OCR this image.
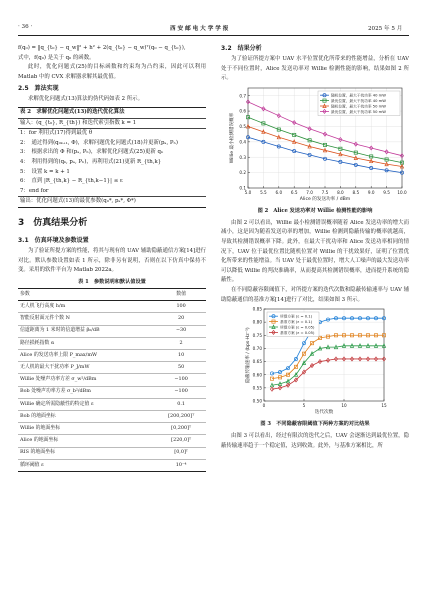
· 36 ·	西 安 邮 电 大 学 学 报	2025 年 5 月
f(q₀) = ‖q_{t₀} − q_w‖² + h² + 2(q_{t₀} − q_w)ᵀ(q₀ − q_{t₀}),
式中，f(q₀) 是关于 q₀ 的函数。

此时，优化问题式(25)的目标函数和约束均为凸约束，因此可以利用 Matlab 中的 CVX 求解器求解其最优值。

2.5　算法实现

求解优化问题式(13)算法的伪代码如表 2 所示。

表 2　求解优化问题式(13)的迭代优化算法
输入：(q_{t₀}, R_{th}) 和迭代索引指数 k = 1
1：for 利用式(17)得到最优 θ
2：　通过得到(q₀ₖ₊₁, Φ)，求解问题优化问题式(18)并更新(pₐ, Pₕ)
3：　根据求出的 Φ 和(pₐ, Pₕ)，求解优化问题式(25)更新 qₖ
4：　利用得到的(qₖ, pₐ, Pₕ)，再利用式(21)更新 R_{th,k}
5：　设置 k = k + 1
6：　直到 |R_{th,k} − R_{th,k−1}| ≤ ε
7：end for
输出：优化问题式(13)的最优参数(q₀*, pₐ*, Φ*)
3　仿真结果分析
3.1　仿真环境及参数设置

为了验证所提方案的性能，将其与现有的 UAV 辅助隐蔽通信方案[14]进行对比。默认参数设置如表 1 所示，除非另有说明，否则在以下仿真中保持不变。采用的软件平台为 Matlab 2022a。

表 1　参数说明和默认值设置
参数	数值
无人机飞行高度 h/m	100
智能反射面元件个数 N	20
信道距离为 1 米时的信道增益 β₀/dB	−30
路径损耗指数 α	2
Alice 的发送功率上限 P_max/mW	10
无人机的最大干扰功率 P_J/mW	50
Willie 处噪声功率方差 σ_w²/dBm	−100
Bob 处噪声功率方差 σ_b²/dBm	−100
Willie 确定所需隐蔽性的特定值 ε	0.1
Bob 的地面坐标	[200,200]ᵀ
Willie 的地面坐标	[0,200]ᵀ
Alice 的地面坐标	[220,0]ᵀ
RIS 的地面坐标	[0,0]ᵀ
循环阈值 ε	10⁻⁴
3.2　结果分析

为了验证所提方案中 UAV 水平位置优化所带来的性能增益，分析在 UAV 处于不同位置时，Alice 发送功率对 Willie 检测性能的影响，结果如图 2 所示。

0.1
0.2
0.3
0.4
0.5
0.6
0.7
5.0 5.5 6.0 6.5 7.0 7.5 8.0 8.5 9.0 9.5 10.0
Alice 的发送功率 / dBm
Willie 最小检测错误概率
随机位置，最大干扰功率 40 mW
最优位置，最大干扰功率 40 mW
随机位置，最大干扰功率 50 mW
最优位置，最大干扰功率 50 mW
图 2　Alice 发送功率对 Willie 检测性能的影响

由图 2 可以看出，Willie 最小检测错误概率随着 Alice 发送功率的增大而减小，这是因为随着发送功率的增加，Willie 检测到隐蔽传输的概率就越高，导致其检测错误概率下降。此外，在最大干扰功率和 Alice 发送功率相同的情况下，UAV 位于最优位置比随机位置对 Willie 的干扰效果好，证明了位置优化所带来的性能增益。当 UAV 处于最优位置时，增大人工噪声的最大发送功率可以降低 Willie 的判决准确率，从而提高其检测错误概率，进而提升系统的隐蔽性。

在不同隐蔽容限阈值下，对所提方案的迭代次数和隐蔽传输速率与 UAV 辅助隐蔽通信的基准方案[14]进行了对比，结果如图 3 所示。

0.50
0.55
0.60
0.65
0.70
0.75
0.80
0.85
0	5	10	15
迭代次数
隐蔽传输速率 / (bps·Hz⁻¹)
所提方案 (ε = 0.1)
基准方案 (ε = 0.1)
所提方案 (ε = 0.05)
基准方案 (ε = 0.05)
图 3　不同隐蔽容限阈值下两种方案的对比结果

由图 3 可以看出，经过有限次的迭代之后，UAV 会逐渐达到最优位置，隐蔽传输速率趋于一个稳定值，达到收敛。此外，与基准方案相比，所
